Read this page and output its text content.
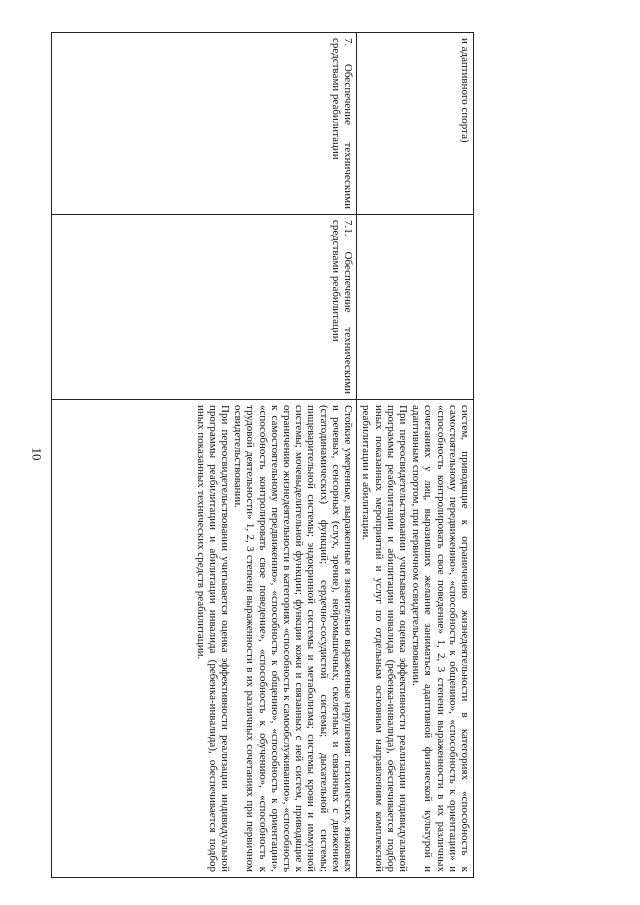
10
и адаптивного спорта)		систем, приводящие к ограничению жизнедеятельности в категориях «способность к самостоятельному передвижению», «способность к общению», «способность к ориентации» и «способность контролировать свое поведение» 1, 2, 3 степени выраженности в их различных сочетаниях у лиц, выразивших желание заниматься адаптивной физической культурой и адаптивным спортом, при первичном освидетельствовании.
При переосвидетельствовании учитывается оценка эффективности реализации индивидуальной программы реабилитации и абилитации инвалида (ребенка-инвалида), обеспечивается подбор иных показанных мероприятий и услуг по отдельным основным направлениям комплексной реабилитации и абилитации.

7. Обеспечение техническими средствами реабилитации	7.1. Обеспечение техническими средствами реабилитации	Стойкие умеренные, выраженные и значительно выраженные нарушения: психических, языковых и речевых, сенсорных (слух, зрение), нейромышечных, скелетных и связанных с движением (статодинамических) функций; сердечно-сосудистой системы; дыхательной системы; пищеварительной системы; эндокринной системы и метаболизма; системы крови и иммунной системы; мочевыделительной функции; функции кожи и связанных с ней систем, приводящие к ограничению жизнедеятельности в категориях «способность к самообслуживанию», «способность к самостоятельному передвижению», «способность к общению», «способность к ориентации», «способность контролировать свое поведение», «способность к обучению», «способность к трудовой деятельности» 1, 2, 3 степени выраженности в их различных сочетаниях при первичном освидетельствовании.
При переосвидетельствовании учитывается оценка эффективности реализации индивидуальной программы реабилитации и абилитации инвалида (ребенка-инвалида), обеспечивается подбор иных показанных технических средств реабилитации.
